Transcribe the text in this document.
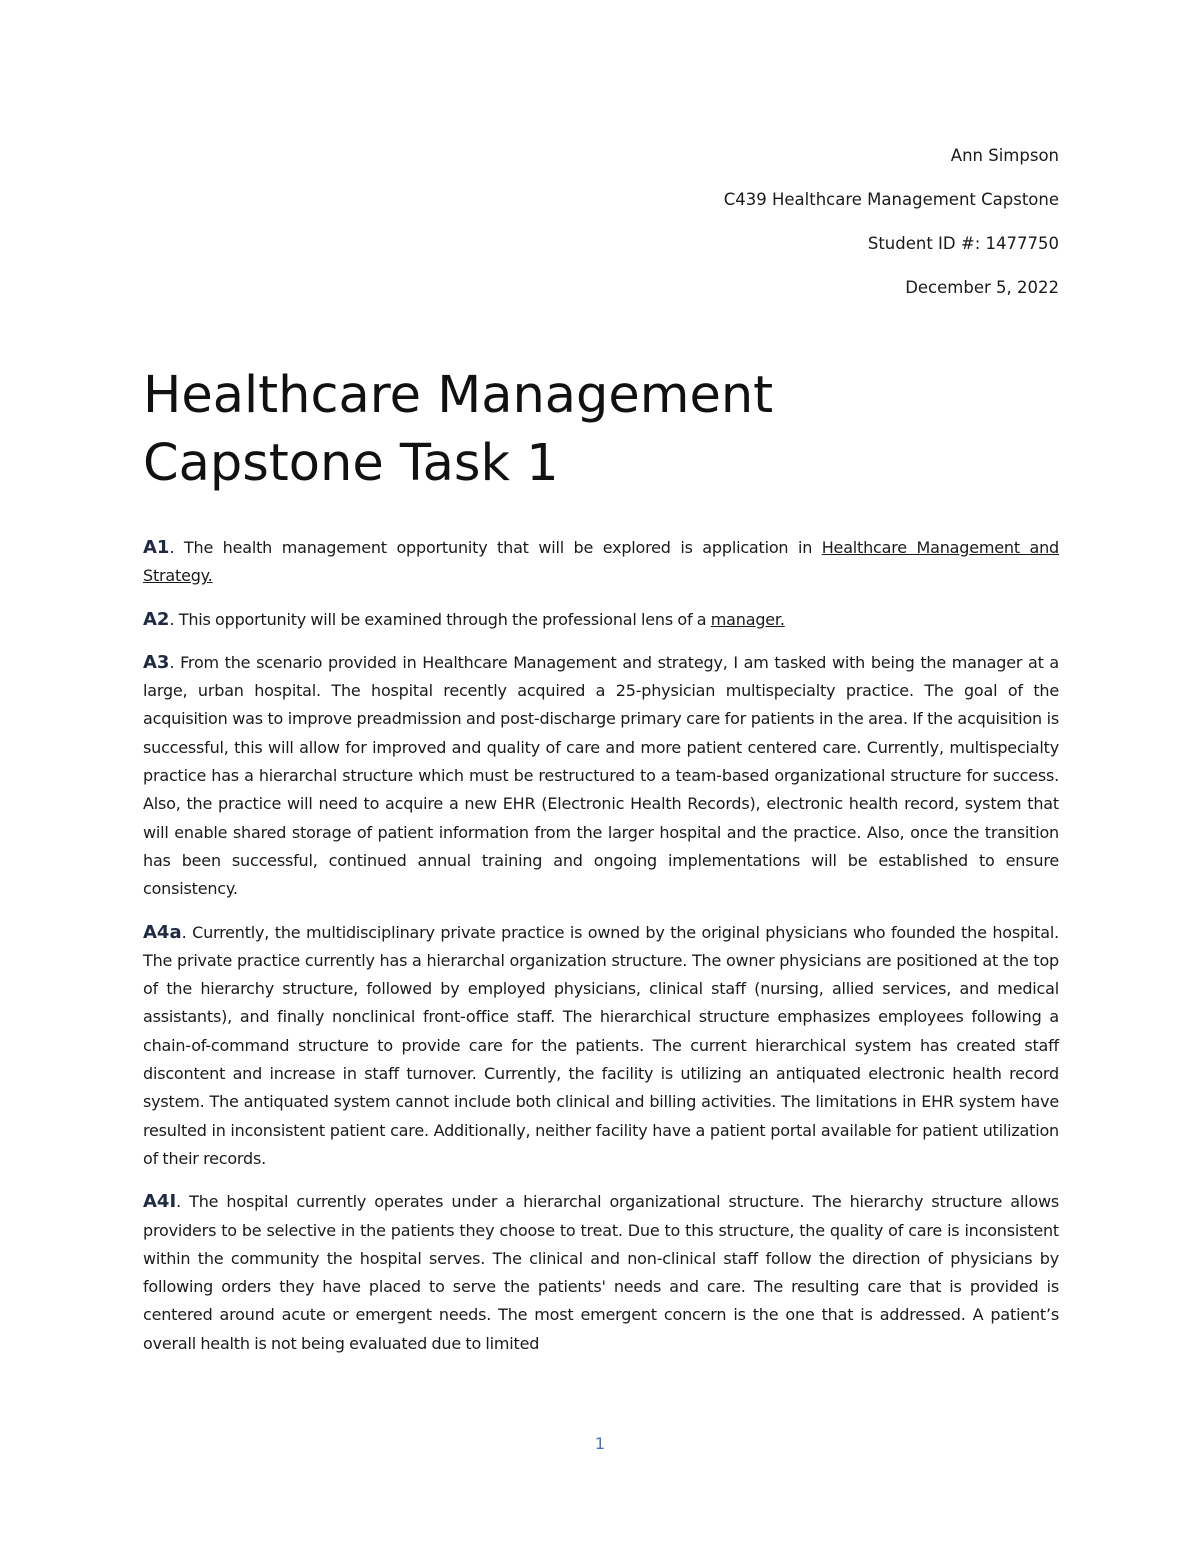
Ann Simpson
C439 Healthcare Management Capstone
Student ID #: 1477750
December 5, 2022
Healthcare Management
Capstone Task 1

A1. The health management opportunity that will be explored is application in Healthcare Management and Strategy.

A2. This opportunity will be examined through the professional lens of a manager.

A3. From the scenario provided in Healthcare Management and strategy, I am tasked with being the manager at a large, urban hospital. The hospital recently acquired a 25-physician multispecialty practice. The goal of the acquisition was to improve preadmission and post-discharge primary care for patients in the area. If the acquisition is successful, this will allow for improved and quality of care and more patient centered care. Currently, multispecialty practice has a hierarchal structure which must be restructured to a team-based organizational structure for success. Also, the practice will need to acquire a new EHR (Electronic Health Records), electronic health record, system that will enable shared storage of patient information from the larger hospital and the practice. Also, once the transition has been successful, continued annual training and ongoing implementations will be established to ensure consistency.

A4a. Currently, the multidisciplinary private practice is owned by the original physicians who founded the hospital. The private practice currently has a hierarchal organization structure. The owner physicians are positioned at the top of the hierarchy structure, followed by employed physicians, clinical staff (nursing, allied services, and medical assistants), and finally nonclinical front-office staff. The hierarchical structure emphasizes employees following a chain-of-command structure to provide care for the patients. The current hierarchical system has created staff discontent and increase in staff turnover. Currently, the facility is utilizing an antiquated electronic health record system. The antiquated system cannot include both clinical and billing activities. The limitations in EHR system have resulted in inconsistent patient care. Additionally, neither facility have a patient portal available for patient utilization of their records.

A4I. The hospital currently operates under a hierarchal organizational structure. The hierarchy structure allows providers to be selective in the patients they choose to treat. Due to this structure, the quality of care is inconsistent within the community the hospital serves. The clinical and non-clinical staff follow the direction of physicians by following orders they have placed to serve the patients' needs and care. The resulting care that is provided is centered around acute or emergent needs. The most emergent concern is the one that is addressed. A patient’s overall health is not being evaluated due to limited

1
